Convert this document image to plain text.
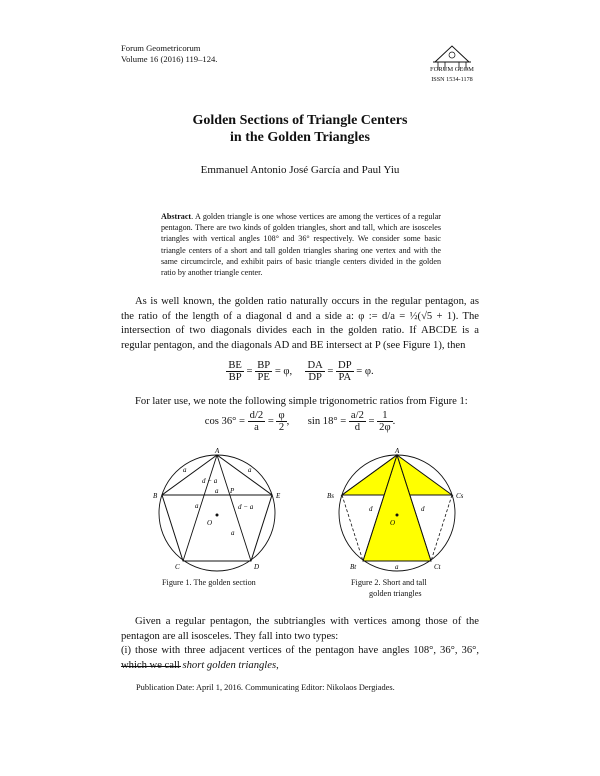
Forum Geometricorum
Volume 16 (2016) 119–124.
FORUM GEOM
ISSN 1534-1178
Golden Sections of Triangle Centers
in the Golden Triangles
Emmanuel Antonio José García and Paul Yiu
Abstract. A golden triangle is one whose vertices are among the vertices of a regular pentagon. There are two kinds of golden triangles, short and tall, which are isosceles triangles with vertical angles 108° and 36° respectively. We consider some basic triangle centers of a short and tall golden triangles sharing one vertex and with the same circumcircle, and exhibit pairs of basic triangle centers divided in the golden ratio by another triangle center.
As is well known, the golden ratio naturally occurs in the regular pentagon, as the ratio of the length of a diagonal d and a side a: φ := d/a = ½(√5 + 1). The intersection of two diagonals divides each in the golden ratio. If ABCDE is a regular pentagon, and the diagonals AD and BE intersect at P (see Figure 1), then
$\frac{BE}{BP} = \frac{BP}{PE} = \varphi$, $\frac{DA}{DP} = \frac{DP}{PA} = \varphi$.
For later use, we note the following simple trigonometric ratios from Figure 1:
$\cos 36^\circ = \frac{d/2}{a} = \frac{\varphi}{2}$ ,       $\sin 18^\circ = \frac{a/2}{d} = \frac{1}{2\varphi}$ .
A
B
C	D
E
P
O
a	a
a
a
a
d − a
d − a
Figure 1. The golden section
A
Bs	Cs
Bt	Ct
O
d	d
a
Figure 2. Short and tall
golden triangles
Given a regular pentagon, the subtriangles with vertices among those of the pentagon are all isosceles. They fall into two types:
(i) those with three adjacent vertices of the pentagon have angles 108°, 36°, 36°, which we call short golden triangles,
Publication Date: April 1, 2016. Communicating Editor: Nikolaos Dergiades.
